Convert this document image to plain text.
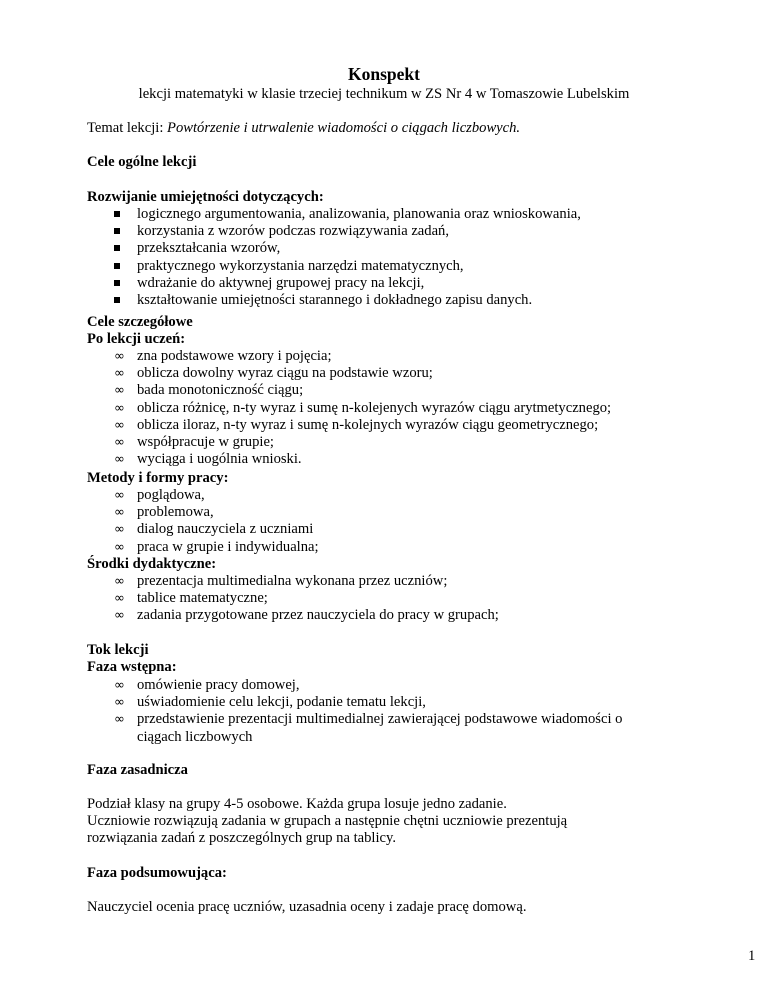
Konspekt
lekcji matematyki w klasie trzeciej technikum w ZS Nr 4 w Tomaszowie Lubelskim
Temat lekcji: Powtórzenie i utrwalenie wiadomości o ciągach liczbowych.
Cele ogólne lekcji
Rozwijanie umiejętności dotyczących:
logicznego argumentowania, analizowania, planowania oraz wnioskowania,
korzystania z wzorów podczas rozwiązywania zadań,
przekształcania wzorów,
praktycznego wykorzystania narzędzi matematycznych,
wdrażanie do aktywnej grupowej pracy na lekcji,
kształtowanie umiejętności starannego i dokładnego zapisu danych.
Cele szczegółowe
Po lekcji uczeń:
∞ zna podstawowe wzory i pojęcia;
∞ oblicza dowolny wyraz ciągu na podstawie wzoru;
∞ bada monotoniczność ciągu;
∞ oblicza różnicę, n-ty wyraz i sumę n-kolejenych wyrazów ciągu arytmetycznego;
∞ oblicza iloraz, n-ty wyraz i sumę n-kolejnych wyrazów ciągu geometrycznego;
∞ współpracuje w grupie;
∞ wyciąga i uogólnia wnioski.
Metody i formy pracy:
∞ poglądowa,
∞ problemowa,
∞ dialog nauczyciela z uczniami
∞ praca w grupie i indywidualna;
Środki dydaktyczne:
∞ prezentacja multimedialna wykonana przez uczniów;
∞ tablice matematyczne;
∞ zadania przygotowane przez nauczyciela do pracy w grupach;
Tok lekcji
Faza wstępna:
∞ omówienie pracy domowej,
∞ uświadomienie celu lekcji, podanie tematu lekcji,
∞ przedstawienie prezentacji multimedialnej zawierającej podstawowe wiadomości o
ciągach liczbowych
Faza zasadnicza
Podział klasy na grupy 4-5 osobowe. Każda grupa losuje jedno zadanie.
Uczniowie rozwiązują zadania w grupach a następnie chętni uczniowie prezentują
rozwiązania zadań z poszczególnych grup na tablicy.
Faza podsumowująca:
Nauczyciel ocenia pracę uczniów, uzasadnia oceny i zadaje pracę domową.
1
